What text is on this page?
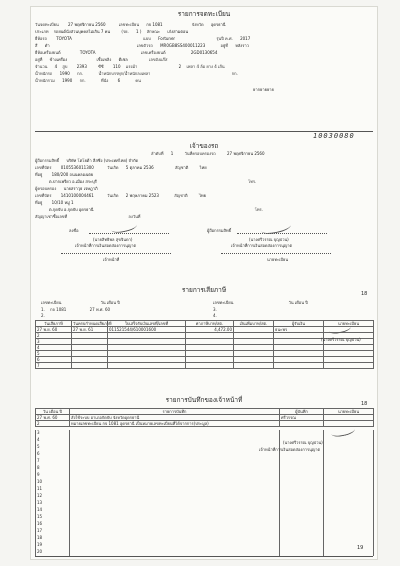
รายการจดทะเบียน
วันจดทะเบียน 27 พฤศจิกายน 2560	เลขทะเบียน กจ 1081	จังหวัด อุดรธานี
ประเภท รถยนต์นั่งส่วนบุคคลไม่เกิน 7 คน	(รย. 1 ) ลักษณะ เก๋งสามตอน
ยี่ห้อรถ TOYOTA	แบบ Fortuner	รุ่นปี ค.ศ. 2017
สี ดำ	เลขตัวรถ MR0GB8SS400011223	อยู่ที่ หลังราว
ยี่ห้อเครื่องยนต์	TOYOTA	เลขเครื่องยนต์	2GD0130654
อยู่ที่ ข้างเครื่อง	เชื้อเพลิง ดีเซล	เลขถังแก๊ส
จำนวน 4 สูบ 2393	ซีซี 110 แรงม้า	2 เพลา 4 ล้อ ยาง 4 เส้น
น้ำหนักรถ 1990 กก.	น้ำหนักบรรทุก/น้ำหนักลงเพลา	กก.
น้ำหนักรวม 1990 กก.	ที่นั่ง 6	คน
ยากยายยาย
10030080
เจ้าของรถ
ลำดับที่ 1	วันที่ครอบครองรถ	27 พฤศจิกายน 2560
ผู้ถือกรรมสิทธิ์ บริษัท โตโยต้า ลีสซิ่ง (ประเทศไทย) จำกัด
เลขที่บัตร 0105536011300	วันเกิด 5 ตุลาคม 2536	สัญชาติ	ไทย
ที่อยู่ 180/200 ถนนคลองเตย
ต.ปากเพรียว อ.เมือง สระบุรี	โทร.
ผู้ครอบครอง นายสราวุธ เจษฎาภิ
เลขที่บัตร 1410100004461	วันเกิด 2 พฤษภาคม 2523	สัญชาติ	ไทย
ที่อยู่ 10/10 หมู่ 1
ต.กุดจับ อ.กุดจับ อุดรธานี	โทร.
สัญญาเช่าซื้อเลขที่	ลงวันที่
ลงชื่อ	ผู้ถือกรรมสิทธิ์
(นายสิทธิพล สุขจินดา)	(นางศรีวรรณ บุญปวน)
เจ้าหน้าที่การเงินสอดส่องการนุญาต	เจ้าหน้าที่การเงินสอดส่องการนุญาต
เจ้าหน้าที่	นายทะเบียน
18
รายการเสียภาษี
เลขทะเบียน	วัน เดือน ปี	เลขทะเบียน	วัน เดือน ปี
1. กจ 1081	27 พ.ศ. 60
2.
3.
4.
วันเสียภาษี	วันครบกำหนดเสียภาษี	ใบเสร็จรับเงินเลขที่/เลขที่	ค่าภาษีบาท/สต.	เงินเพิ่มบาท/สต.	ผู้รับเงิน	นายทะเบียน
27 พ.ย. 60	27 พ.ย. 61	011521544/610001600	4,472.00		ธนะพร	
2						
3						
4						
5						
6						
7						
(นางศรีวรรณ บุญปวน)
18
รายการบันทึกของเจ้าหน้าที่
วัน เดือน ปี	รายการบันทึก	ผู้บันทึก	นายทะเบียน
27 พ.ศ. 60	สั่งใช้ระบบ อาเภอกัดจับ จังหวัดอุดรธานี	ศรีวรรณ	
2	หมายเลขทะเบียน กจ 1081 อุดรธานี เป็นหมายเลขทะเบียนที่ได้จากการ(ประมูล)		
3
4
5
6
7
8
9
10
11
12
13
14
15
16
17
18
19
20
(นางศรีวรรณ บุญปวน)
เจ้าหน้าที่การเงินสอดส่องการนุญาต
19
